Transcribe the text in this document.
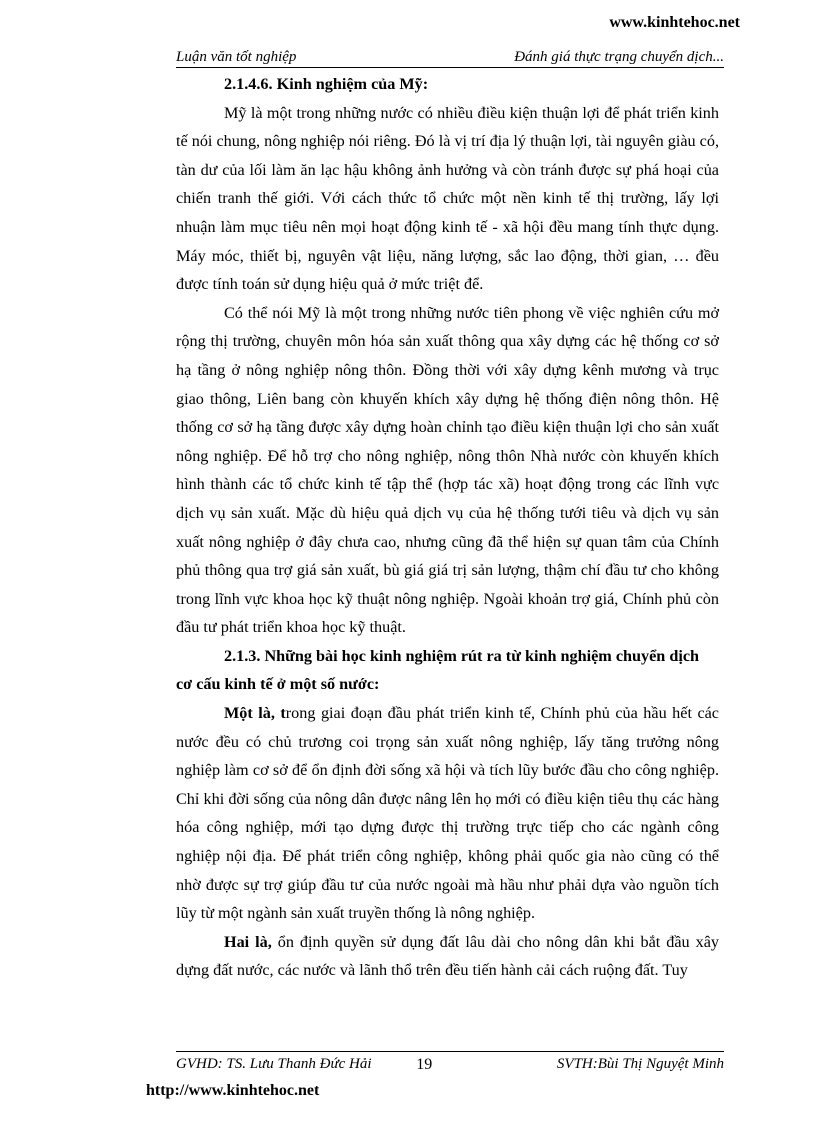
www.kinhtehoc.net
Luận văn tốt nghiệp	Đánh giá thực trạng chuyển dịch...

2.1.4.6. Kinh nghiệm của Mỹ:

Mỹ là một trong những nước có nhiều điều kiện thuận lợi để phát triển kinh tế nói chung, nông nghiệp nói riêng. Đó là vị trí địa lý thuận lợi, tài nguyên giàu có, tàn dư của lối làm ăn lạc hậu không ảnh hưởng và còn tránh được sự phá hoại của chiến tranh thế giới. Với cách thức tổ chức một nền kinh tế thị trường, lấy lợi nhuận làm mục tiêu nên mọi hoạt động kinh tế - xã hội đều mang tính thực dụng. Máy móc, thiết bị, nguyên vật liệu, năng lượng, sắc lao động, thời gian, … đều được tính toán sử dụng hiệu quả ở mức triệt để.

Có thể nói Mỹ là một trong những nước tiên phong về việc nghiên cứu mở rộng thị trường, chuyên môn hóa sản xuất thông qua xây dựng các hệ thống cơ sở hạ tầng ở nông nghiệp nông thôn. Đồng thời với xây dựng kênh mương và trục giao thông, Liên bang còn khuyến khích xây dựng hệ thống điện nông thôn. Hệ thống cơ sở hạ tầng được xây dựng hoàn chỉnh tạo điều kiện thuận lợi cho sản xuất nông nghiệp. Để hỗ trợ cho nông nghiệp, nông thôn Nhà nước còn khuyến khích hình thành các tổ chức kinh tế tập thể (hợp tác xã) hoạt động trong các lĩnh vực dịch vụ sản xuất. Mặc dù hiệu quả dịch vụ của hệ thống tưới tiêu và dịch vụ sản xuất nông nghiệp ở đây chưa cao, nhưng cũng đã thể hiện sự quan tâm của Chính phủ thông qua trợ giá sản xuất, bù giá giá trị sản lượng, thậm chí đầu tư cho không trong lĩnh vực khoa học kỹ thuật nông nghiệp. Ngoài khoản trợ giá, Chính phủ còn đầu tư phát triển khoa học kỹ thuật.

2.1.3. Những bài học kinh nghiệm rút ra từ kinh nghiệm chuyển dịch cơ cấu kinh tế ở một số nước:

Một là, trong giai đoạn đầu phát triển kinh tế, Chính phủ của hầu hết các nước đều có chủ trương coi trọng sản xuất nông nghiệp, lấy tăng trưởng nông nghiệp làm cơ sở để ổn định đời sống xã hội và tích lũy bước đầu cho công nghiệp. Chỉ khi đời sống của nông dân được nâng lên họ mới có điều kiện tiêu thụ các hàng hóa công nghiệp, mới tạo dựng được thị trường trực tiếp cho các ngành công nghiệp nội địa. Để phát triển công nghiệp, không phải quốc gia nào cũng có thể nhờ được sự trợ giúp đầu tư của nước ngoài mà hầu như phải dựa vào nguồn tích lũy từ một ngành sản xuất truyền thống là nông nghiệp.

Hai là, ổn định quyền sử dụng đất lâu dài cho nông dân khi bắt đầu xây dựng đất nước, các nước và lãnh thổ trên đều tiến hành cải cách ruộng đất. Tuy

GVHD: TS. Lưu Thanh Đức Hải	19	SVTH:Bùi Thị Nguyệt Minh
http://www.kinhtehoc.net
